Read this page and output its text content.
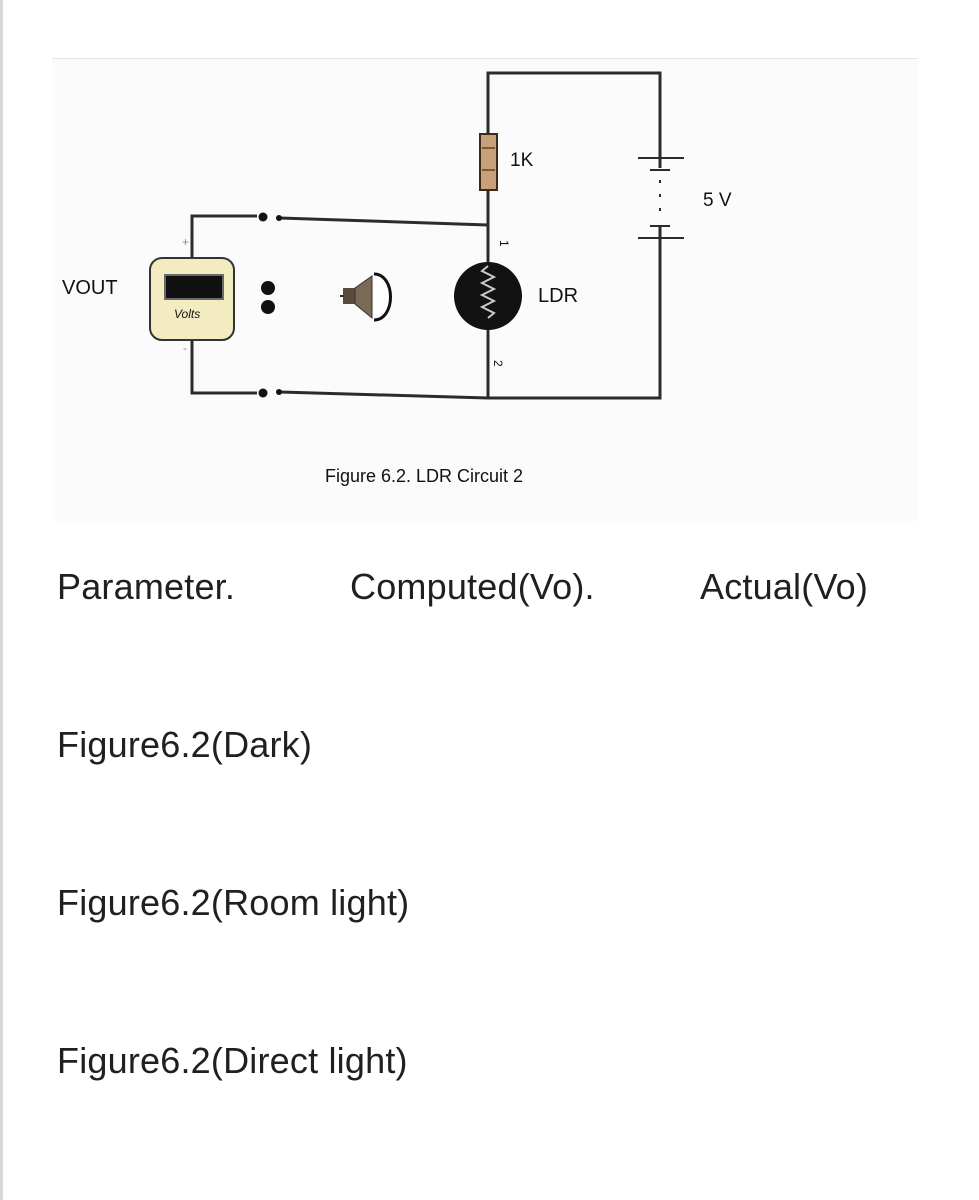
1K
5 V
LDR
1
2
+
-
Volts
VOUT
Figure 6.2. LDR Circuit 2
Parameter.	Computed(Vo).	Actual(Vo)
Figure6.2(Dark)
Figure6.2(Room light)
Figure6.2(Direct light)
